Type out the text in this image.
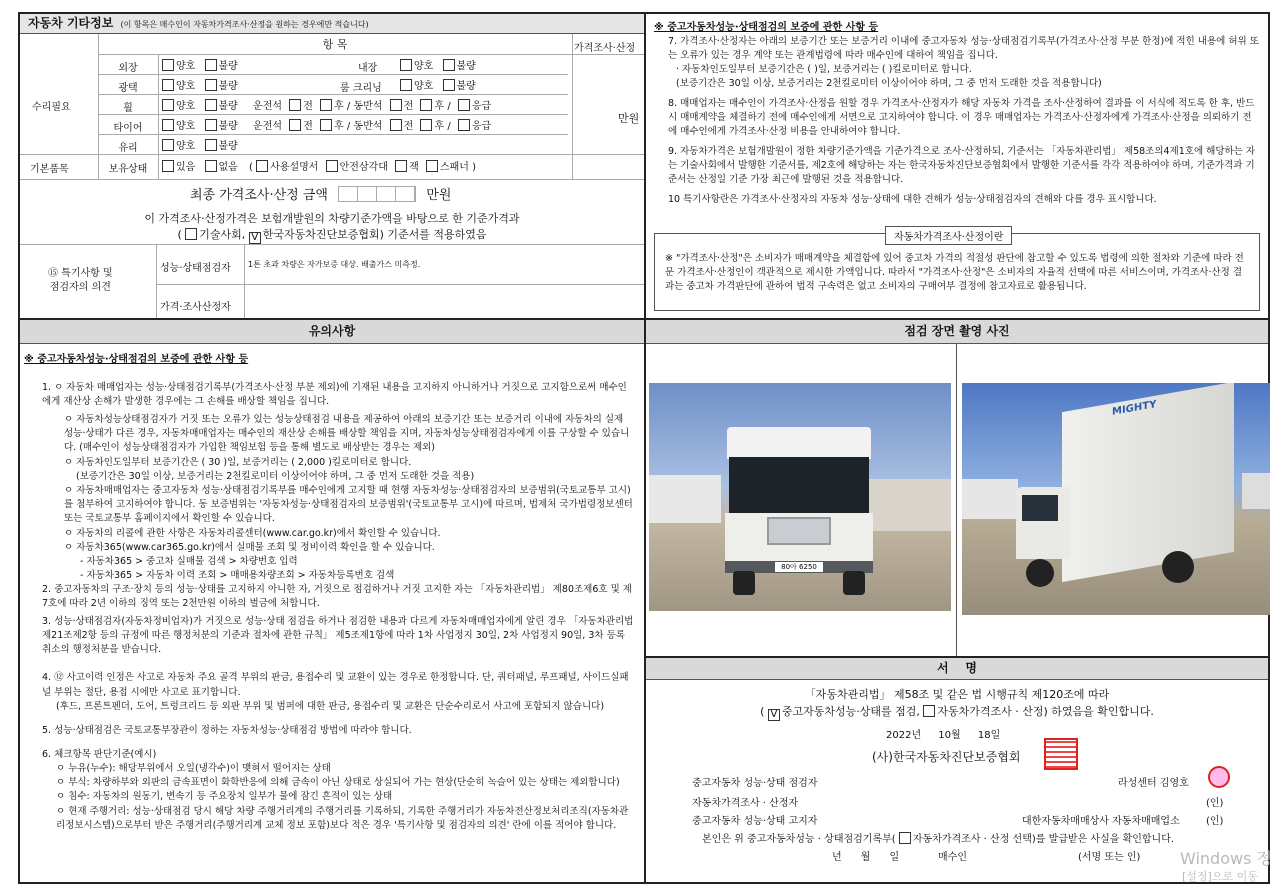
자동차 기타정보 (이 항목은 매수인이 자동차가격조사·산정을 원하는 경우에만 적습니다)
항 목	가격조사·산정
수리필요
기본품목
만원
외장	양호 불량	내장	양호 불량
광택	양호 불량	룸 크리닝	양호 불량
휠	양호 불량 운전석 전 후 / 동반석 전 후 / 응급
타이어	양호 불량 운전석 전 후 / 동반석 전 후 / 응급
유리	양호 불량
보유상태	있음 없음 ( 사용설명서 안전삼각대 잭 스패너 )
최종 가격조사·산정 금액	만원
이 가격조사·산정가격은 보험개발원의 차량기준가액을 바탕으로 한 기준가격과
( 기술사회, V 한국자동차진단보증협회) 기준서를 적용하였음
⑮ 특기사항 및
점검자의 의견
성능·상태점검자 1톤 초과 차량은 자가보증 대상. 배출가스 미측정.
가격·조사산정자
※ 중고자동차성능·상태점검의 보증에 관한 사항 등

7. 가격조사·산정자는 아래의 보증기간 또는 보증거리 이내에 중고자동차 성능·상태점검기록부(가격조사·산정 부분 한정)에 적힌 내용에 허위 또는 오류가 있는 경우 계약 또는 관계법령에 따라 매수인에 대하여 책임을 집니다.

· 자동차인도일부터 보증기간은 ( )일, 보증거리는 ( )킬로미터로 합니다.

(보증기간은 30일 이상, 보증거리는 2천킬로미터 이상이어야 하며, 그 중 먼저 도래한 것을 적용합니다)

8. 매매업자는 매수인이 가격조사·산정을 원할 경우 가격조사·산정자가 해당 자동차 가격을 조사·산정하여 결과를 이 서식에 적도록 한 후, 반드시 매매계약을 체결하기 전에 매수인에게 서면으로 고지하여야 합니다. 이 경우 매매업자는 가격조사·산정자에게 가격조사·산정을 의뢰하기 전에 매수인에게 가격조사·산정 비용을 안내하여야 합니다.

9. 자동차가격은 보험개발원이 정한 차량기준가액을 기준가격으로 조사·산정하되, 기준서는 「자동차관리법」 제58조의4제1호에 해당하는 자는 기술사회에서 발행한 기준서를, 제2호에 해당하는 자는 한국자동차진단보증협회에서 발행한 기준서를 각각 적용하여야 하며, 기준가격과 기준서는 산정일 기준 가장 최근에 발행된 것을 적용합니다.

10 특기사항란은 가격조사·산정자의 자동차 성능·상태에 대한 견해가 성능·상태점검자의 견해와 다를 경우 표시합니다.

자동차가격조사·산정이란
※ "가격조사·산정"은 소비자가 매매계약을 체결함에 있어 중고차 가격의 적절성 판단에 참고할 수 있도록 법령에 의한 절차와 기준에 따라 전문 가격조사·산정인이 객관적으로 제시한 가액입니다. 따라서 "가격조사·산정"은 소비자의 자율적 선택에 따른 서비스이며, 가격조사·산정 결과는 중고차 가격판단에 관하여 법적 구속력은 없고 소비자의 구매여부 결정에 참고자료로 활용됩니다.
유의사항
※ 중고자동차성능·상태점검의 보증에 관한 사항 등

1. ㅇ 자동차 매매업자는 성능·상태점검기록부(가격조사·산정 부분 제외)에 기재된 내용을 고지하지 아니하거나 거짓으로 고지함으로써 매수인에게 재산상 손해가 발생한 경우에는 그 손해를 배상할 책임을 집니다.

ㅇ 자동차성능상태점검자가 거짓 또는 오류가 있는 성능상태점검 내용을 제공하여 아래의 보증기간 또는 보증거리 이내에 자동차의 실제 성능·상태가 다른 경우, 자동차매매업자는 매수인의 재산상 손해를 배상할 책임을 지며, 자동차성능상태점검자에게 이를 구상할 수 있습니다. (매수인이 성능상태점검자가 가입한 책임보험 등을 통해 별도로 배상받는 경우는 제외)

ㅇ 자동차인도일부터 보증기간은 ( 30 )일, 보증거리는 ( 2,000 )킬로미터로 합니다.

(보증기간은 30일 이상, 보증거리는 2천킬로미터 이상이어야 하며, 그 중 먼저 도래한 것을 적용)

ㅇ 자동차매매업자는 중고자동차 성능·상태점검기록부를 매수인에게 고지할 때 현행 자동차성능·상태점검자의 보증범위(국토교통부 고시)를 첨부하여 고지하여야 합니다. 동 보증범위는 '자동차성능·상태점검자의 보증범위'(국토교통부 고시)에 따르며, 법제처 국가법령정보센터 또는 국토교통부 홈페이지에서 확인할 수 있습니다.

ㅇ 자동차의 리콜에 관한 사항은 자동차리콜센터(www.car.go.kr)에서 확인할 수 있습니다.

ㅇ 자동차365(www.car365.go.kr)에서 실매물 조회 및 정비이력 확인을 할 수 있습니다.

- 자동차365 > 중고차 실매물 검색 > 차량번호 입력

- 자동차365 > 자동차 이력 조회 > 매매용차량조회 > 자동차등록번호 검색

2. 중고자동차의 구조·장치 등의 성능·상태를 고지하지 아니한 자, 거짓으로 점검하거나 거짓 고지한 자는 「자동차관리법」 제80조제6호 및 제7호에 따라 2년 이하의 징역 또는 2천만원 이하의 벌금에 처합니다.

3. 성능·상태점검자(자동차정비업자)가 거짓으로 성능·상태 점검을 하거나 점검한 내용과 다르게 자동차매매업자에게 알린 경우 「자동차관리법 제21조제2항 등의 규정에 따른 행정처분의 기준과 절차에 관한 규칙」 제5조제1항에 따라 1차 사업정지 30일, 2차 사업정지 90일, 3차 등록취소의 행정처분을 받습니다.

4. ⑫ 사고이력 인정은 사고로 자동차 주요 골격 부위의 판금, 용접수리 및 교환이 있는 경우로 한정합니다. 단, 쿼터패널, 루프패널, 사이드실패널 부위는 절단, 용접 시에만 사고로 표기합니다.

(후드, 프론트펜더, 도어, 트렁크리드 등 외판 부위 및 범퍼에 대한 판금, 용접수리 및 교환은 단순수리로서 사고에 포함되지 않습니다)

5. 성능·상태점검은 국토교통부장관이 정하는 자동차성능·상태점검 방법에 따라야 합니다.

6. 체크항목 판단기준(예시)

ㅇ 누유(누수): 해당부위에서 오일(냉각수)이 맺혀서 떨어지는 상태

ㅇ 부식: 차량하부와 외판의 금속표면이 화학반응에 의해 금속이 아닌 상태로 상실되어 가는 현상(단순히 녹슬어 있는 상태는 제외합니다)

ㅇ 침수: 자동차의 원동기, 변속기 등 주요장치 일부가 물에 잠긴 흔적이 있는 상태

ㅇ 현재 주행거리: 성능·상태점검 당시 해당 차량 주행거리계의 주행거리를 기록하되, 기록한 주행거리가 자동차전산정보처리조직(자동차관리정보시스템)으로부터 받은 주행거리(주행거리계 교체 정보 포함)보다 적은 경우 '특기사항 및 점검자의 의견' 란에 이를 적어야 합니다.

점검 장면 촬영 사진
80아 6250
MIGHTY
서    명
「자동차관리법」 제58조 및 같은 법 시행규칙 제120조에 따라
( V 중고자동차성능·상태를 점검, 자동차가격조사 · 산정) 하였음을 확인합니다.
2022년 10월 18일
(사)한국자동차진단보증협회
중고자동차 성능·상태 점검자	라성센터 김영호
자동차가격조사 · 산정자	(인)
중고자동차 성능·상태 고지자	대한자동차매매상사 자동차매매업소	(인)
본인은 위 중고자동차성능 · 상태점검기록부( 자동차가격조사 · 산정 선택)를 발급받은 사실을 확인합니다.
년      월      일	매수인	(서명 또는 인) Windows 정
[설정]으로 이동
